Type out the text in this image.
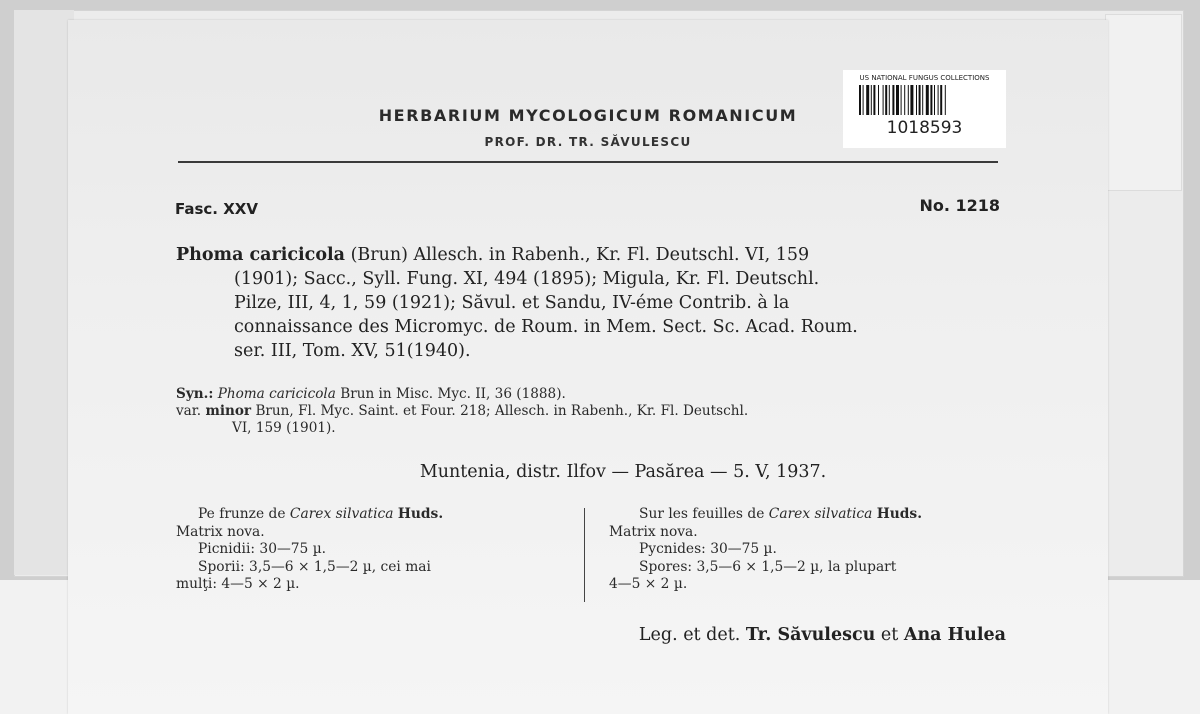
HERBARIUM MYCOLOGICUM ROMANICUM
PROF. DR. TR. SĂVULESCU
US NATIONAL FUNGUS COLLECTIONS
1018593
Fasc. XXV	No. 1218
Phoma caricicola (Brun) Allesch. in Rabenh., Kr. Fl. Deutschl. VI, 159
(1901); Sacc., Syll. Fung. XI, 494 (1895); Migula, Kr. Fl. Deutschl.
Pilze, III, 4, 1, 59 (1921); Săvul. et Sandu, IV-éme Contrib. à la
connaissance des Micromyc. de Roum. in Mem. Sect. Sc. Acad. Roum.
ser. III, Tom. XV, 51(1940).
Syn.: Phoma caricicola Brun in Misc. Myc. II, 36 (1888).
var. minor Brun, Fl. Myc. Saint. et Four. 218; Allesch. in Rabenh., Kr. Fl. Deutschl.
VI, 159 (1901).
Muntenia, distr. Ilfov — Pasărea — 5. V, 1937.
Pe frunze de Carex silvatica Huds.
Matrix nova.
Picnidii: 30—75 µ.
Sporii: 3,5—6 × 1,5—2 µ, cei mai
mulţi: 4—5 × 2 µ.
Sur les feuilles de Carex silvatica Huds.
Matrix nova.
Pycnides: 30—75 µ.
Spores: 3,5—6 × 1,5—2 µ, la plupart
4—5 × 2 µ.
Leg. et det. Tr. Săvulescu et Ana Hulea
